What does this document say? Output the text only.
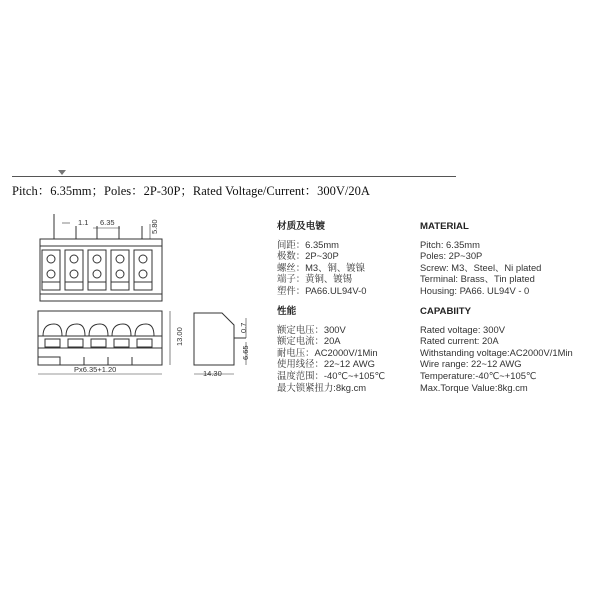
Pitch：6.35mm；Poles：2P-30P；Rated Voltage/Current：300V/20A
1.1 6.35	5.80
Px6.35+1.20
13.00
14.30
0.7
6.65
材质及电镀
间距：6.35mm
极数：2P~30P
螺丝：M3、铜、镀镍
端子：黄铜、镀锡
塑件：PA66.UL94V-0
性能
额定电压：300V
额定电流：20A
耐电压：AC2000V/1Min
使用线径：22~12 AWG
温度范围：-40℃~+105℃
最大锁紧扭力:8kg.cm
MATERIAL
Pitch: 6.35mm
Poles: 2P~30P
Screw: M3、Steel、Ni plated
Terminal: Brass、Tin plated
Housing: PA66. UL94V - 0
CAPABIITY
Rated voltage: 300V
Rated current: 20A
Withstanding voltage:AC2000V/1Min
Wire range: 22~12 AWG
Temperature:-40℃~+105℃
Max.Torque Value:8kg.cm
